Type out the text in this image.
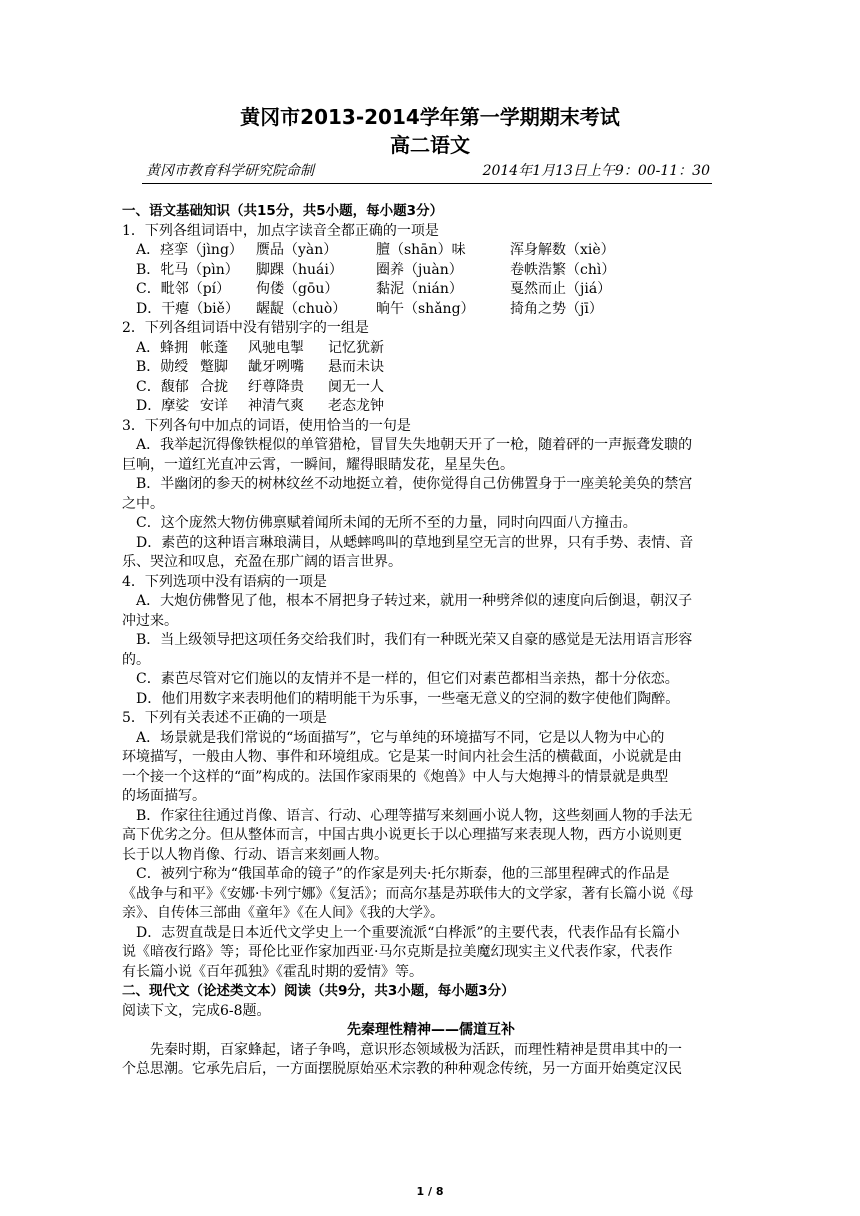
黄冈市2013-2014学年第一学期期末考试
高二语文
黄冈市教育科学研究院命制	2014年1月13日上午9：00-11：30
一、语文基础知识（共15分，共5小题，每小题3分）
1．下列各组词语中，加点字读音全都正确的一项是
A．痉挛（jìng） 赝品（yàn）	膻（shān）味	浑身解数（xiè）
B．牝马（pìn） 脚踝（huái） 圈养（juàn）	卷帙浩繁（chì）
C．毗邻（pí） 佝偻（gōu）	黏泥（nián）	戛然而止（jiá）
D．干瘪（biě） 龌龊（chuò） 晌午（shǎng）	掎角之势（jī）
2．下列各组词语中没有错别字的一组是
A．蜂拥 帐蓬 风驰电掣 记忆犹新
B．勋绶 蹩脚 龇牙咧嘴 悬而未诀
C．馥郁 合拢 纡尊降贵 阒无一人
D．摩娑 安详 神清气爽 老态龙钟
3．下列各句中加点的词语，使用恰当的一句是
A．我举起沉得像铁棍似的单管猎枪，冒冒失失地朝天开了一枪，随着砰的一声振聋发聩的
巨响，一道红光直冲云霄，一瞬间，耀得眼睛发花，星星失色。
B．半幽闭的参天的树林纹丝不动地挺立着，使你觉得自己仿佛置身于一座美轮美奂的禁宫
之中。
C．这个庞然大物仿佛禀赋着闻所未闻的无所不至的力量，同时向四面八方撞击。
D．素芭的这种语言琳琅满目，从蟋蟀鸣叫的草地到星空无言的世界，只有手势、表情、音
乐、哭泣和叹息，充盈在那广阔的语言世界。
4．下列选项中没有语病的一项是
A．大炮仿佛瞥见了他，根本不屑把身子转过来，就用一种劈斧似的速度向后倒退，朝汉子
冲过来。
B．当上级领导把这项任务交给我们时，我们有一种既光荣又自豪的感觉是无法用语言形容
的。
C．素芭尽管对它们施以的友情并不是一样的，但它们对素芭都相当亲热，都十分依恋。
D．他们用数字来表明他们的精明能干为乐事，一些毫无意义的空洞的数字使他们陶醉。
5．下列有关表述不正确的一项是
A．场景就是我们常说的“场面描写”，它与单纯的环境描写不同，它是以人物为中心的
环境描写，一般由人物、事件和环境组成。它是某一时间内社会生活的横截面，小说就是由
一个接一个这样的“面”构成的。法国作家雨果的《炮兽》中人与大炮搏斗的情景就是典型
的场面描写。
B．作家往往通过肖像、语言、行动、心理等描写来刻画小说人物，这些刻画人物的手法无
高下优劣之分。但从整体而言，中国古典小说更长于以心理描写来表现人物，西方小说则更
长于以人物肖像、行动、语言来刻画人物。
C．被列宁称为“俄国革命的镜子”的作家是列夫·托尔斯泰，他的三部里程碑式的作品是
《战争与和平》《安娜·卡列宁娜》《复活》；而高尔基是苏联伟大的文学家，著有长篇小说《母
亲》、自传体三部曲《童年》《在人间》《我的大学》。
D．志贺直哉是日本近代文学史上一个重要流派“白桦派”的主要代表，代表作品有长篇小
说《暗夜行路》等；哥伦比亚作家加西亚·马尔克斯是拉美魔幻现实主义代表作家，代表作
有长篇小说《百年孤独》《霍乱时期的爱情》等。
二、现代文（论述类文本）阅读（共9分，共3小题，每小题3分）
阅读下文，完成6-8题。
先秦理性精神——儒道互补
先秦时期，百家蜂起，诸子争鸣，意识形态领域极为活跃，而理性精神是贯串其中的一
个总思潮。它承先启后，一方面摆脱原始巫术宗教的种种观念传统，另一方面开始奠定汉民
1 / 8
